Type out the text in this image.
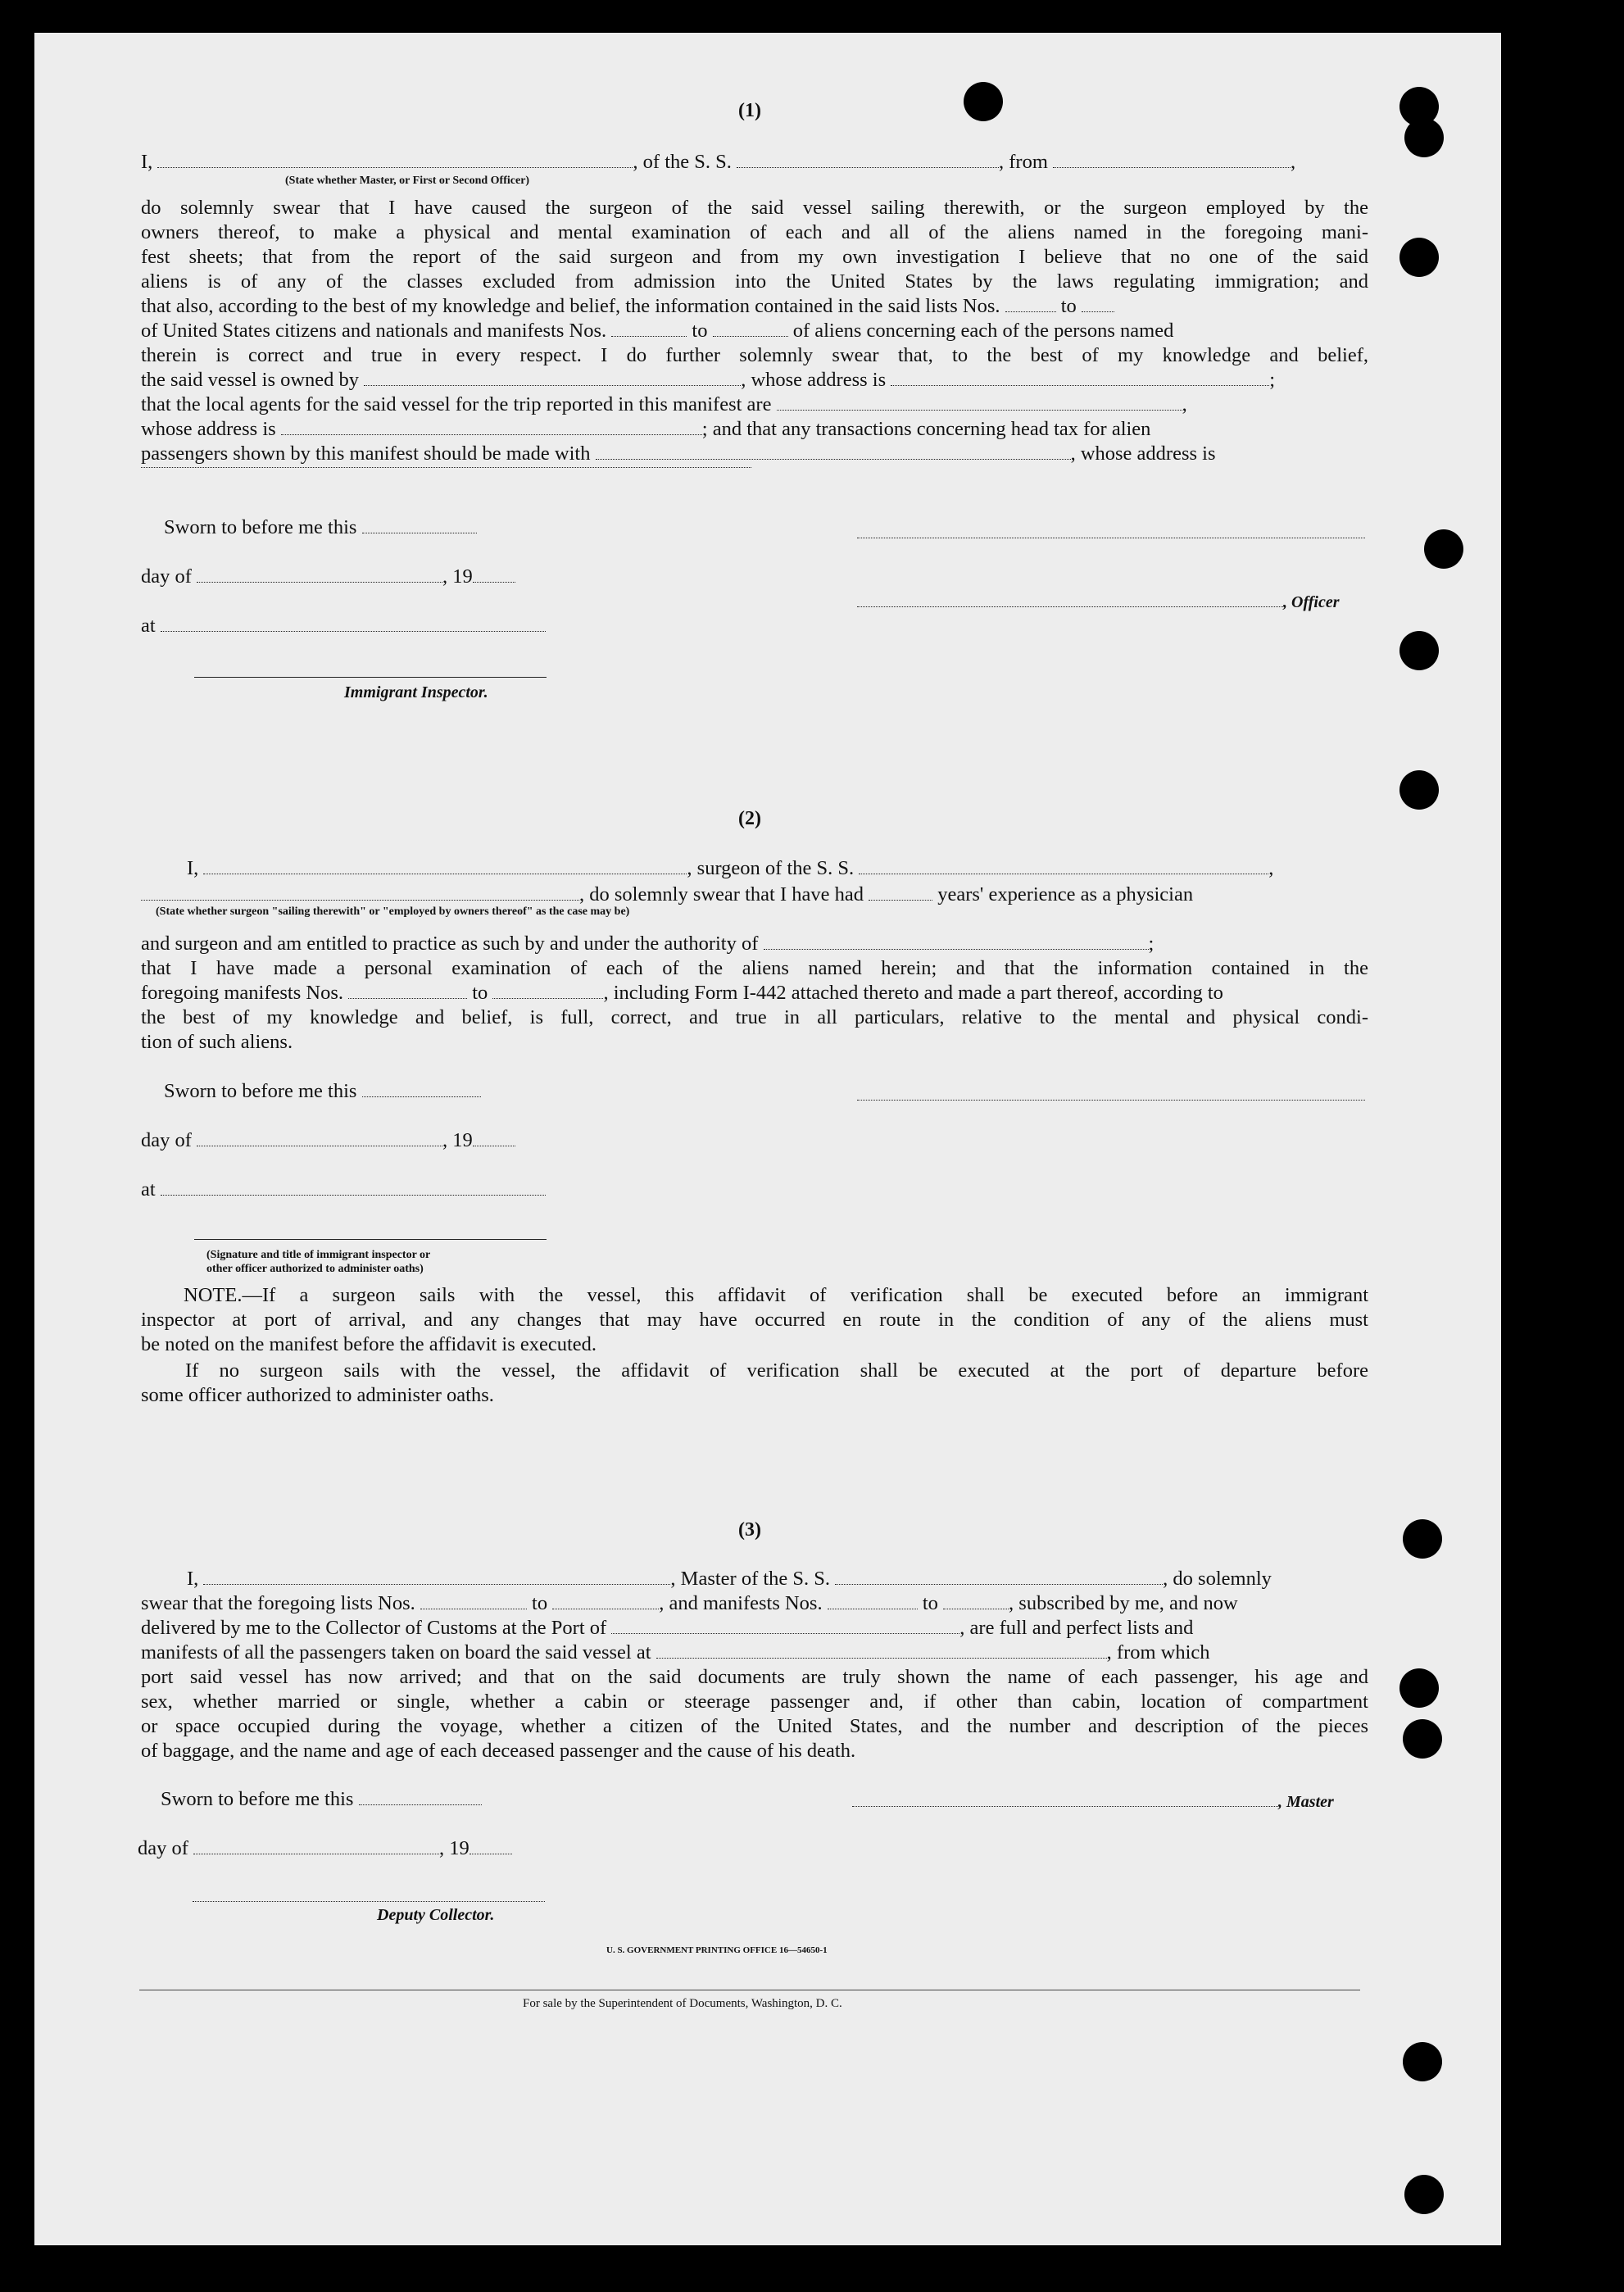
(1)
I,	, of the S. S.	, from	,
(State whether Master, or First or Second Officer)
do solemnly swear that I have caused the surgeon of the said vessel sailing therewith, or the surgeon employed by the
owners thereof, to make a physical and mental examination of each and all of the aliens named in the foregoing mani-
fest sheets; that from the report of the said surgeon and from my own investigation I believe that no one of the said
aliens is of any of the classes excluded from admission into the United States by the laws regulating immigration; and
that also, according to the best of my knowledge and belief, the information contained in the said lists Nos.	to
of United States citizens and nationals and manifests Nos.	to	of aliens concerning each of the persons named
therein is correct and true in every respect. I do further solemnly swear that, to the best of my knowledge and belief,
the said vessel is owned by	, whose address is	;
that the local agents for the said vessel for the trip reported in this manifest are	,
whose address is	; and that any transactions concerning head tax for alien
passengers shown by this manifest should be made with	, whose address is
Sworn to before me this
day of	, 19
, Officer
at
Immigrant Inspector.
(2)
I,	, surgeon of the S. S.	,
, do solemnly swear that I have had	years' experience as a physician
(State whether surgeon "sailing therewith" or "employed by owners thereof" as the case may be)
and surgeon and am entitled to practice as such by and under the authority of	;
that I have made a personal examination of each of the aliens named herein; and that the information contained in the
foregoing manifests Nos.	to	, including Form I-442 attached thereto and made a part thereof, according to
the best of my knowledge and belief, is full, correct, and true in all particulars, relative to the mental and physical condi-
tion of such aliens.
Sworn to before me this
day of	, 19
at
(Signature and title of immigrant inspector or
other officer authorized to administer oaths)
NOTE.—If a surgeon sails with the vessel, this affidavit of verification shall be executed before an immigrant
inspector at port of arrival, and any changes that may have occurred en route in the condition of any of the aliens must
be noted on the manifest before the affidavit is executed.
If no surgeon sails with the vessel, the affidavit of verification shall be executed at the port of departure before
some officer authorized to administer oaths.
(3)
I,	, Master of the S. S.	, do solemnly
swear that the foregoing lists Nos.	to	, and manifests Nos.	to	, subscribed by me, and now
delivered by me to the Collector of Customs at the Port of	, are full and perfect lists and
manifests of all the passengers taken on board the said vessel at	, from which
port said vessel has now arrived; and that on the said documents are truly shown the name of each passenger, his age and
sex, whether married or single, whether a cabin or steerage passenger and, if other than cabin, location of compartment
or space occupied during the voyage, whether a citizen of the United States, and the number and description of the pieces
of baggage, and the name and age of each deceased passenger and the cause of his death.
Sworn to before me this	, Master
day of	, 19
Deputy Collector.
U. S. GOVERNMENT PRINTING OFFICE 16—54650-1
For sale by the Superintendent of Documents, Washington, D. C.
